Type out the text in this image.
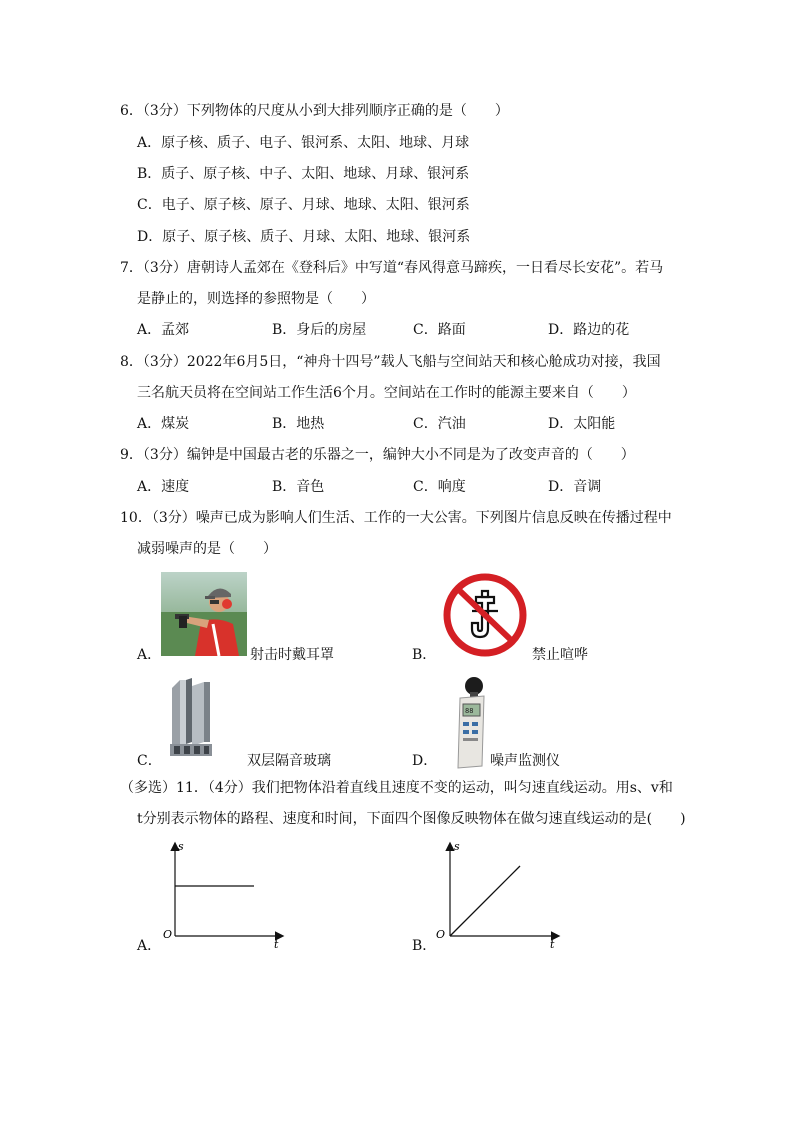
6．（3分）下列物体的尺度从小到大排列顺序正确的是（　　）
A．原子核、质子、电子、银河系、太阳、地球、月球
B．质子、原子核、中子、太阳、地球、月球、银河系
C．电子、原子核、原子、月球、地球、太阳、银河系
D．原子、原子核、质子、月球、太阳、地球、银河系
7．（3分）唐朝诗人孟郊在《登科后》中写道“春风得意马蹄疾，一日看尽长安花”。若马
是静止的，则选择的参照物是（　　）
A．孟郊	B．身后的房屋	C．路面	D．路边的花
8．（3分）2022年6月5日，“神舟十四号”载人飞船与空间站天和核心舱成功对接，我国
三名航天员将在空间站工作生活6个月。空间站在工作时的能源主要来自（　　）
A．煤炭	B．地热	C．汽油	D．太阳能
9．（3分）编钟是中国最古老的乐器之一，编钟大小不同是为了改变声音的（　　）
A．速度	B．音色	C．响度	D．音调
10．（3分）噪声已成为影响人们生活、工作的一大公害。下列图片信息反映在传播过程中
减弱噪声的是（　　）
A．	射击时戴耳罩	B．	禁止喧哗
C．	双层隔音玻璃	D．
88
噪声监测仪
（多选）11．（4分）我们把物体沿着直线且速度不变的运动，叫匀速直线运动。用s、v和
t分别表示物体的路程、速度和时间，下面四个图像反映物体在做匀速直线运动的是(　　)
A．
s
t
O
B．
s
t
O
